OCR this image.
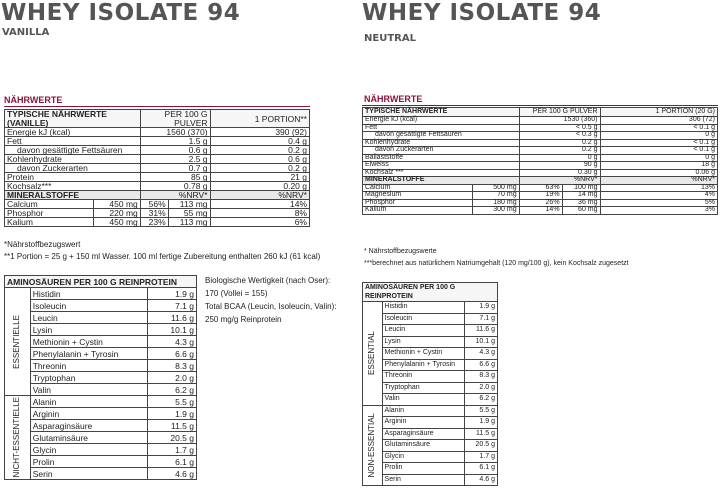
WHEY ISOLATE 94
VANILLA
NÄHRWERTE
TYPISCHE NÄHRWERTE (VANILLE)		PER 100 G PULVER		1 PORTION**
Energie kJ (kcal)		1560 (370)		390 (92)
Fett		1.5 g		0.4 g
davon gesättigte Fettsäuren		0.6 g		0.2 g
Kohlenhydrate		2.5 g		0.6 g
davon Zuckerarten		0.7 g		0.2 g
Protein		85 g		21 g
Kochsalz***		0.78 g		0.20 g
MINERALSTOFFE		%NRV*		%NRV*
Calcium	450 mg	56%	113 mg	14%
Phosphor	220 mg	31%	55 mg	8%
Kalium	450 mg	23%	113 mg	6%
*Nährstoffbezugswert
**1 Portion = 25 g + 150 ml Wasser. 100 ml fertige Zubereitung enthalten 260 kJ (61 kcal)
AMINOSÄUREN PER 100 G REINPROTEIN		

ESSENTIELLE	Histidin	1.9 g
	Isoleucin	7.1 g
	Leucin	11.6 g
	Lysin	10.1 g
	Methionin + Cystin	4.3 g
	Phenylalanin + Tyrosin	6.6 g
	Threonin	8.3 g
	Tryptophan	2.0 g
	Valin	6.2 g

NICHT-ESSENTIELLE	Alanin	5.5 g
	Arginin	1.9 g
	Asparaginsäure	11.5 g
	Glutaminsäure	20.5 g
	Glycin	1.7 g
	Prolin	6.1 g
	Serin	4.6 g
Biologische Wertigkeit (nach Oser):
170 (Vollei = 155)
Total BCAA (Leucin, Isoleucin, Valin):
250 mg/g Reinprotein
WHEY ISOLATE 94
NEUTRAL
NÄHRWERTE
TYPISCHE NÄHRWERTE		PER 100 G PULVER		1 PORTION (20 G)
Energie kJ (kcal)		1530 (360)		306 (72)
Fett		< 0.5 g		< 0.1 g
davon gesättigte Fettsäuren		< 0.3 g		0 g
Kohlenhydrate		0.2 g		< 0.1 g
davon Zuckerarten		0.2 g		< 0.1 g
Ballaststoffe		0 g		0 g
Eiweiss		90 g		18 g
Kochsalz ***		0.30 g		0.06 g
MINERALSTOFFE		%NRV*		%NRV*
Calcium	500 mg	63%	100 mg	13%
Magnesium	70 mg	19%	14 mg	4%
Phosphor	180 mg	26%	36 mg	5%
Kalium	300 mg	14%	60 mg	3%
* Nährstoffbezugswerte
***berechnet aus natürlichem Natriumgehalt (120 mg/100 g), kein Kochsalz zugesetzt
AMINOSÄUREN PER 100 G REINPROTEIN		

ESSENTIAL	Histidin	1.9 g
	Isoleucin	7.1 g
	Leucin	11.6 g
	Lysin	10.1 g
	Methionin + Cystin	4.3 g
	Phenylalanin + Tyrosin	6.6 g
	Threonin	8.3 g
	Tryptophan	2.0 g
	Valin	6.2 g

NON-ESSENTIAL	Alanin	5.5 g
	Arginin	1.9 g
	Asparaginsäure	11.5 g
	Glutaminsäure	20.5 g
	Glycin	1.7 g
	Prolin	6.1 g
	Serin	4.6 g
